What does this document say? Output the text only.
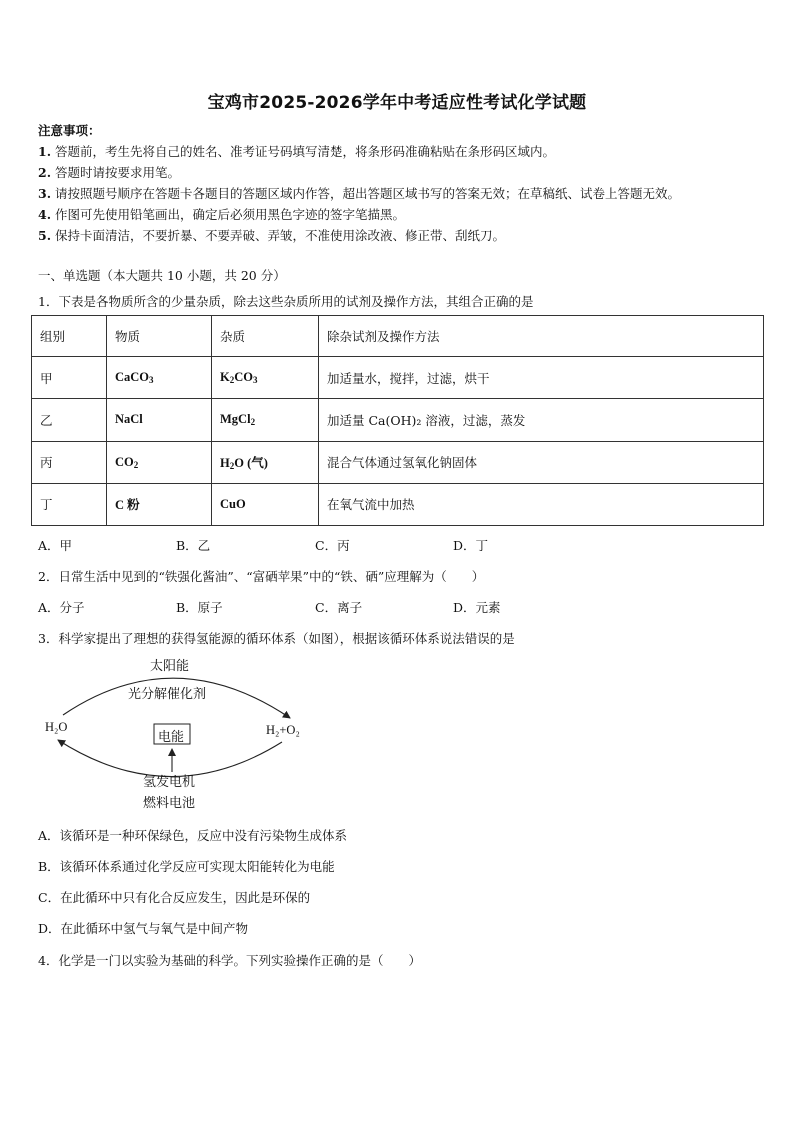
宝鸡市2025-2026学年中考适应性考试化学试题
注意事项：
1. 答题前，考生先将自己的姓名、准考证号码填写清楚，将条形码准确粘贴在条形码区域内。
2. 答题时请按要求用笔。
3. 请按照题号顺序在答题卡各题目的答题区域内作答，超出答题区域书写的答案无效；在草稿纸、试卷上答题无效。
4. 作图可先使用铅笔画出，确定后必须用黑色字迹的签字笔描黑。
5. 保持卡面清洁，不要折暴、不要弄破、弄皱，不准使用涂改液、修正带、刮纸刀。
一、单选题（本大题共 10 小题，共 20 分）
1．下表是各物质所含的少量杂质，除去这些杂质所用的试剂及操作方法，其组合正确的是
组别	物质	杂质	除杂试剂及操作方法
甲	CaCO$_3$	$K_2CO_3$	加适量水，搅拌，过滤，烘干
乙	NaCl	MgCl$_2$	加适量 Ca(OH)₂ 溶液，过滤，蒸发
丙	$CO_2$	$H_2O$ (气)	混合气体通过氢氧化钠固体
丁	C 粉	CuO	在氧气流中加热
A．甲	B．乙	C．丙	D．丁
2．日常生活中见到的“铁强化酱油”、“富硒苹果”中的“铁、硒”应理解为（　　）
A．分子	B．原子	C．离子	D．元素
3．科学家提出了理想的获得氢能源的循环体系（如图），根据该循环体系说法错误的是
太阳能
光分解催化剂
H₂O	H₂+O₂
电能
氢发电机
燃料电池
A．该循环是一种环保绿色，反应中没有污染物生成体系
B．该循环体系通过化学反应可实现太阳能转化为电能
C．在此循环中只有化合反应发生，因此是环保的
D．在此循环中氢气与氧气是中间产物
4．化学是一门以实验为基础的科学。下列实验操作正确的是（　　）
